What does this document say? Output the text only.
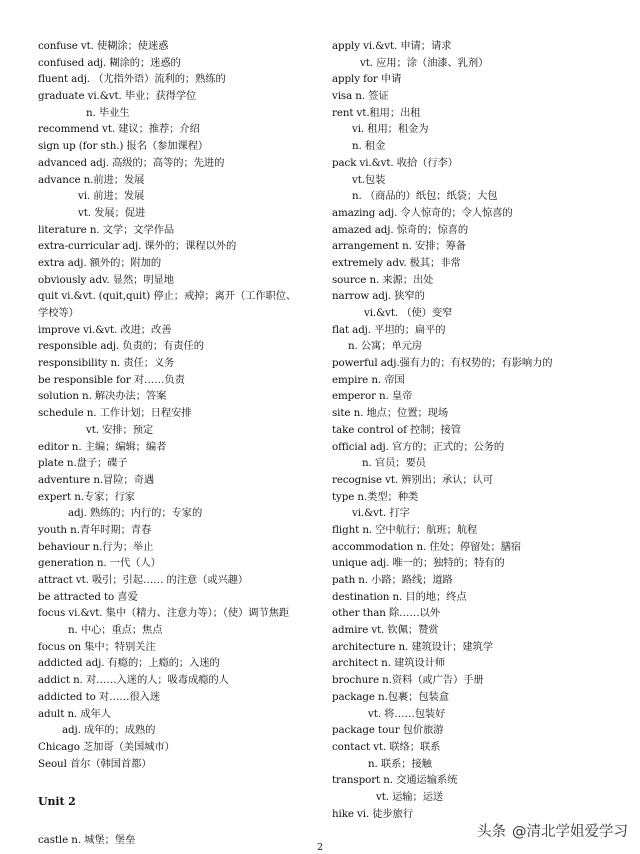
confuse vt. 使糊涂；使迷惑
confused adj. 糊涂的；迷惑的
fluent adj. （尤指外语）流利的；熟练的
graduate vi.&vt. 毕业；获得学位
n. 毕业生
recommend vt. 建议；推荐；介绍
sign up (for sth.) 报名（参加课程）
advanced adj. 高级的；高等的；先进的
advance n.前进；发展
vi. 前进；发展
vt. 发展；促进
literature n. 文学；文学作品
extra-curricular adj. 课外的；课程以外的
extra adj. 额外的；附加的
obviously adv. 显然；明显地
quit vi.&vt. (quit,quit) 停止；戒掉；离开（工作职位、
学校等）
improve vi.&vt. 改进；改善
responsible adj. 负责的；有责任的
responsibility n. 责任；义务
be responsible for 对……负责
solution n. 解决办法；答案
schedule n. 工作计划；日程安排
vt. 安排；预定
editor n. 主编；编辑；编者
plate n.盘子；碟子
adventure n.冒险；奇遇
expert n.专家；行家
adj. 熟练的；内行的；专家的
youth n.青年时期；青春
behaviour n.行为；举止
generation n. 一代（人）
attract vt. 吸引；引起…… 的注意（或兴趣）
be attracted to 喜爱
focus vi.&vt. 集中（精力、注意力等）；（使）调节焦距
n. 中心；重点；焦点
focus on 集中；特别关注
addicted adj. 有瘾的；上瘾的；入迷的
addict n. 对……入迷的人；吸毒成瘾的人
addicted to 对……很入迷
adult n. 成年人
adj. 成年的；成熟的
Chicago 芝加哥（美国城市）
Seoul 首尔（韩国首都）
Unit 2
castle n. 城堡；堡垒
apply vi.&vt. 申请；请求
vt. 应用；涂（油漆、乳剂）
apply for 申请
visa n. 签证
rent vt.租用；出租
vi. 租用；租金为
n. 租金
pack vi.&vt. 收拾（行李）
vt.包装
n. （商品的）纸包；纸袋；大包
amazing adj. 令人惊奇的；令人惊喜的
amazed adj. 惊奇的；惊喜的
arrangement n. 安排；筹备
extremely adv. 极其；非常
source n. 来源；出处
narrow adj. 狭窄的
vi.&vt. （使）变窄
flat adj. 平坦的；扁平的
n. 公寓；单元房
powerful adj.强有力的；有权势的；有影响力的
empire n. 帝国
emperor n. 皇帝
site n. 地点；位置；现场
take control of 控制；接管
official adj. 官方的；正式的；公务的
n. 官员；要员
recognise vt. 辨别出；承认；认可
type n.类型；种类
vi.&vt. 打字
flight n. 空中航行；航班；航程
accommodation n. 住处；停留处；膳宿
unique adj. 唯一的；独特的；特有的
path n. 小路；路线；道路
destination n. 目的地；终点
other than 除……以外
admire vt. 钦佩；赞赏
architecture n. 建筑设计；建筑学
architect n. 建筑设计师
brochure n.资料（或广告）手册
package n.包裹；包装盒
vt. 将……包装好
package tour 包价旅游
contact vt. 联络；联系
n. 联系；接触
transport n. 交通运输系统
vt. 运输；运送
hike vi. 徒步旅行
2
头条 @清北学姐爱学习
